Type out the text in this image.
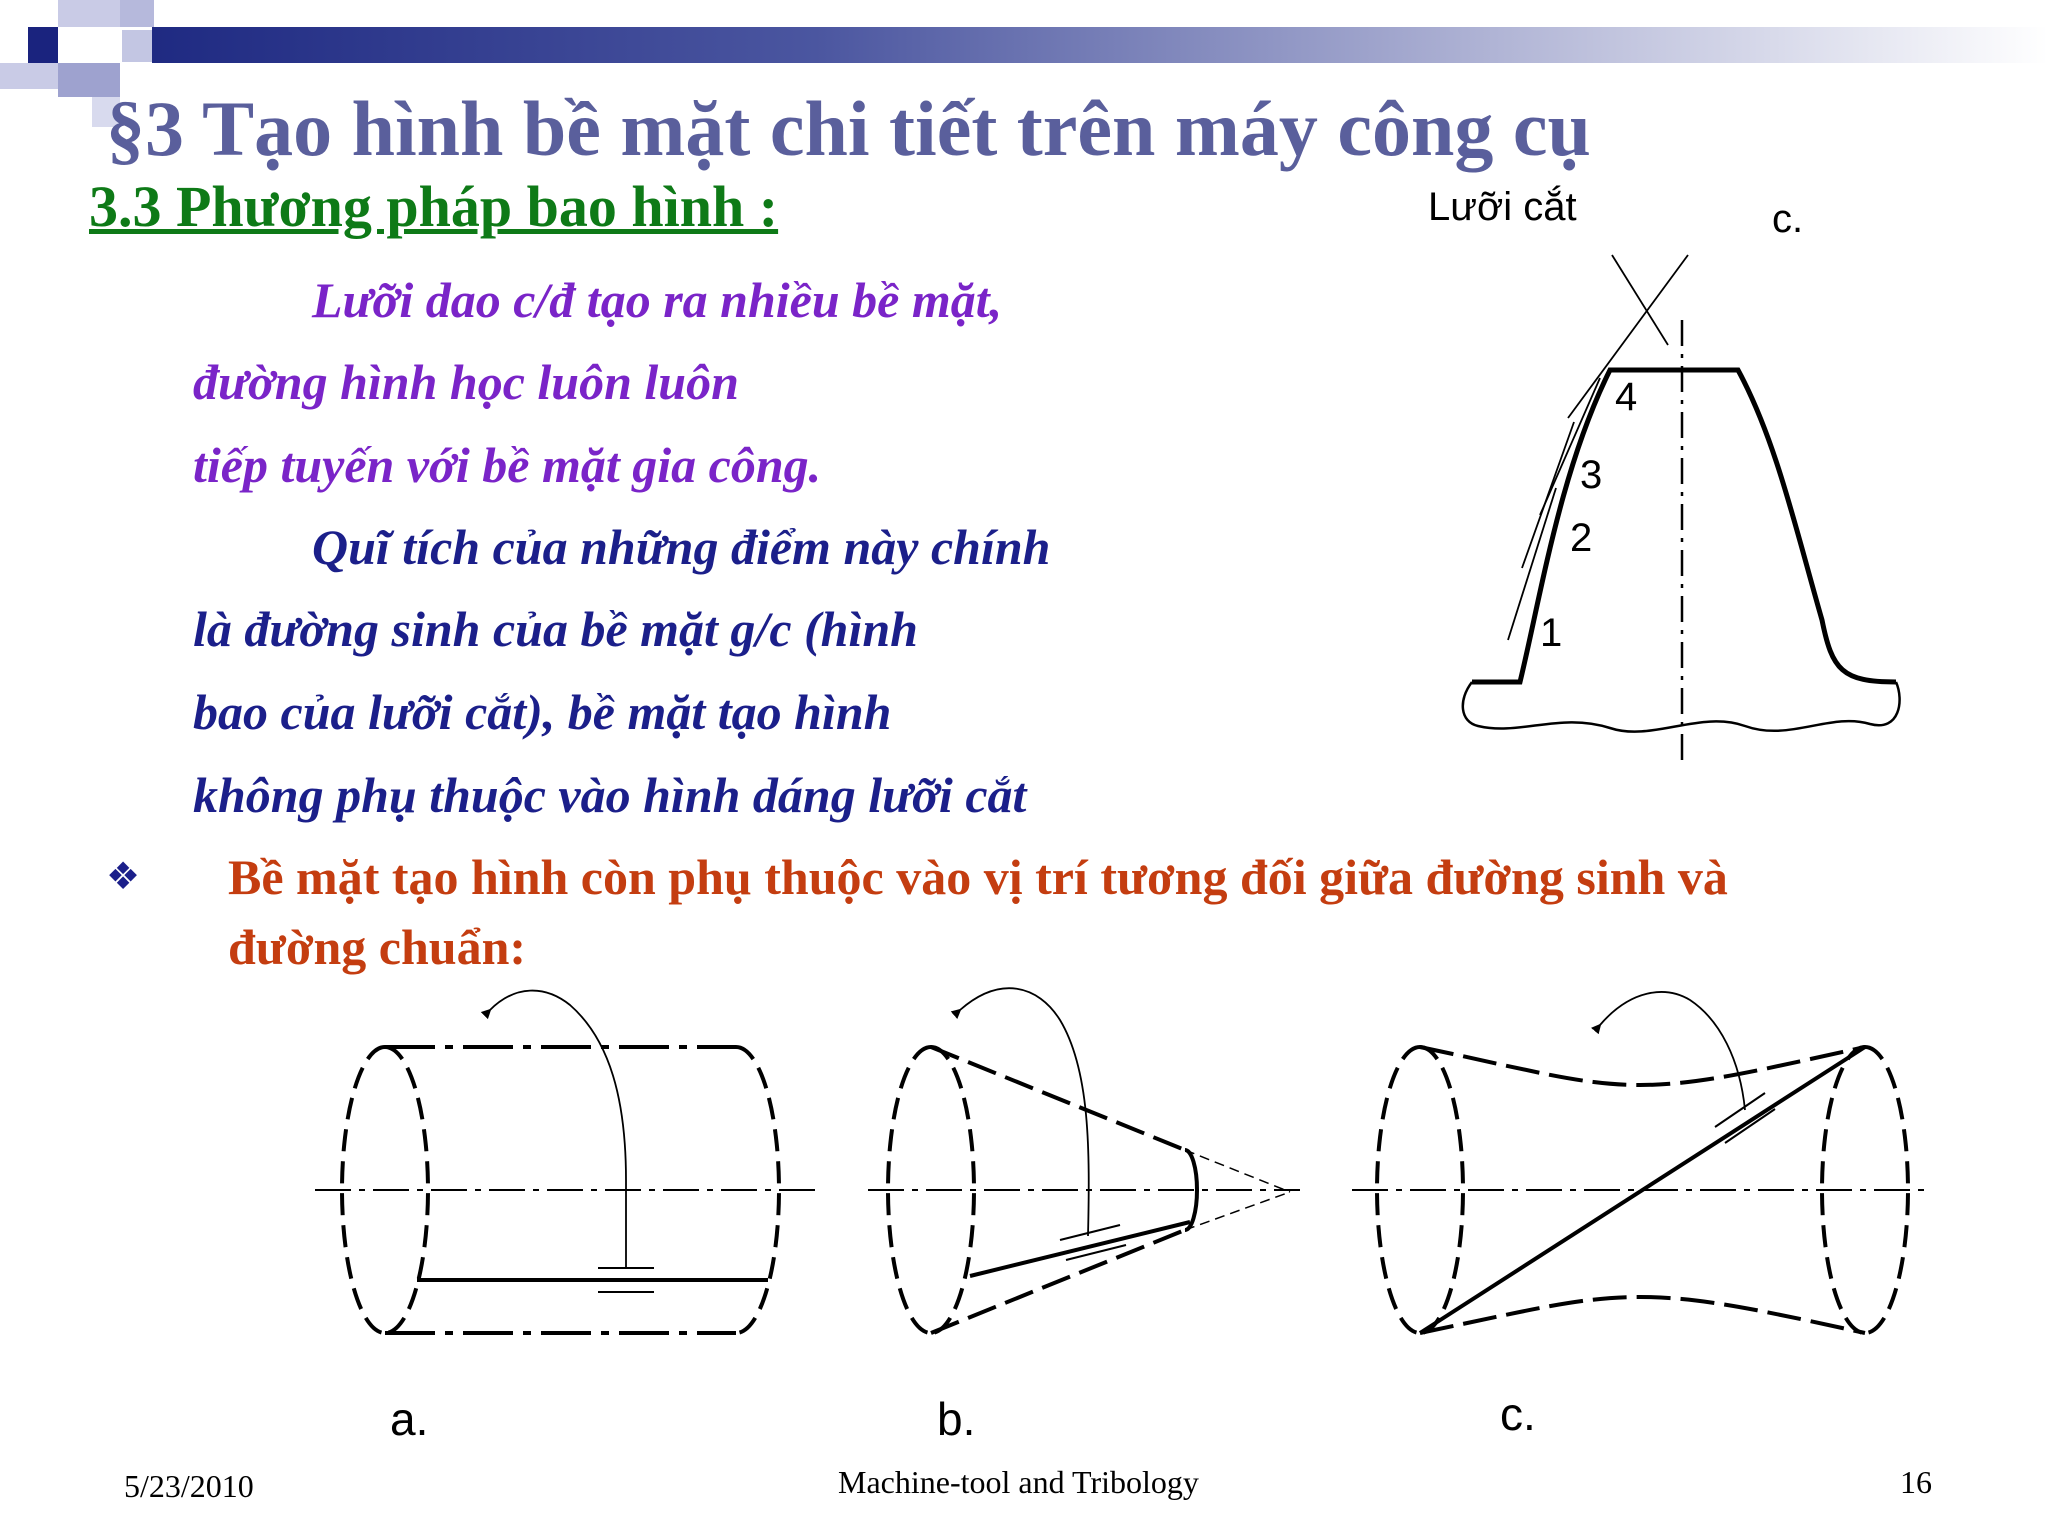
§3 Tạo hình bề mặt chi tiết trên máy công cụ
3.3 Phương pháp bao hình :
Lưỡi dao c/đ tạo ra nhiều bề mặt,
đường hình học luôn luôn
tiếp tuyến với bề mặt gia công.
Quĩ tích của những điểm này chính
là đường sinh của bề mặt g/c (hình
bao của lưỡi cắt), bề mặt tạo hình
không phụ thuộc vào hình dáng lưỡi cắt
❖ Bề mặt tạo hình còn phụ thuộc vào vị trí tương đối giữa đường sinh và
đường chuẩn:
Lưỡi cắt	c.
1
2
3
4
a.	b.	c.
5/23/2010	Machine-tool and Tribology	16
